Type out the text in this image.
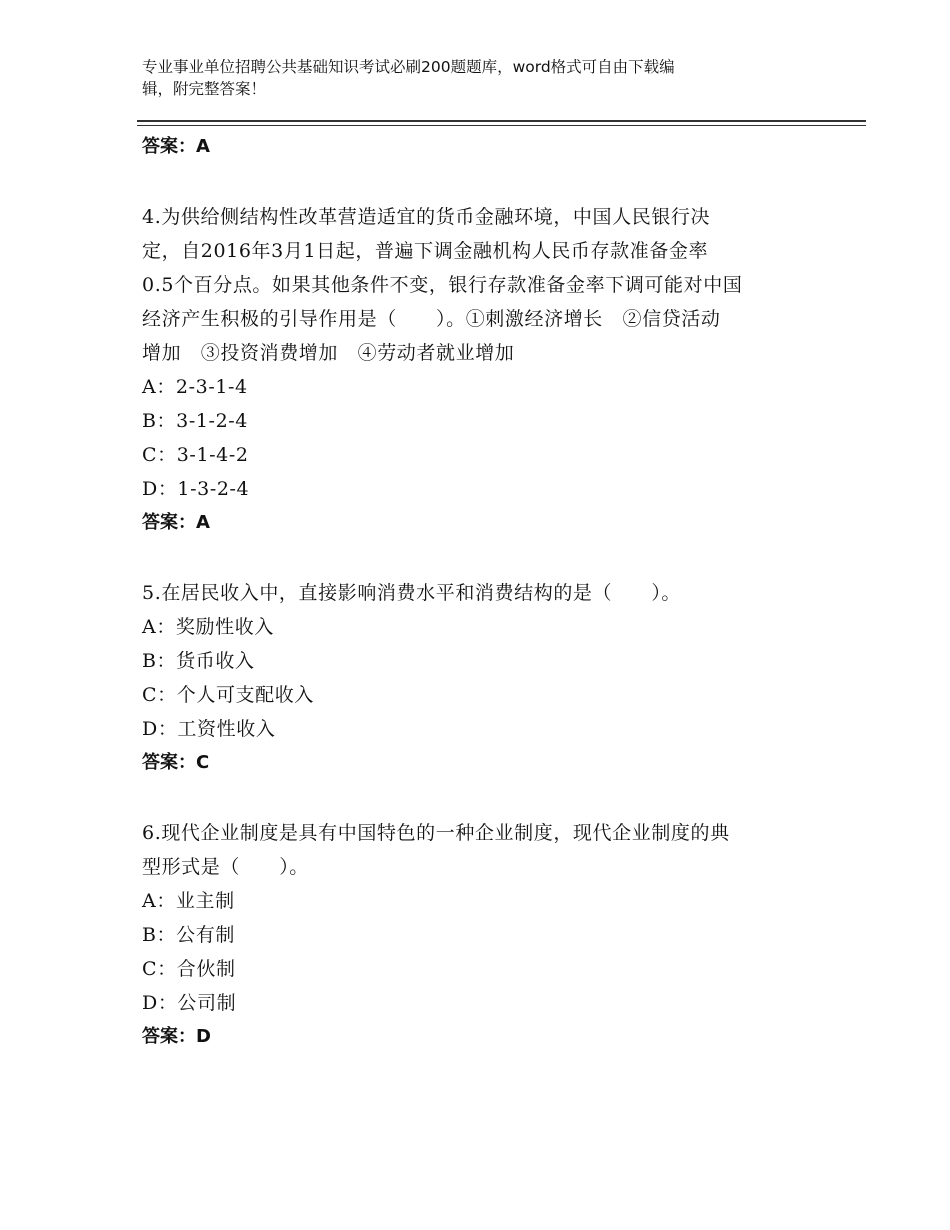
专业事业单位招聘公共基础知识考试必刷200题题库，word格式可自由下载编
辑，附完整答案！
答案：A

4.为供给侧结构性改革营造适宜的货币金融环境，中国人民银行决

定，自2016年3月1日起，普遍下调金融机构人民币存款准备金率

0.5个百分点。如果其他条件不变，银行存款准备金率下调可能对中国

经济产生积极的引导作用是（　　）。①刺激经济增长　②信贷活动

增加　③投资消费增加　④劳动者就业增加

A：2-3-1-4
B：3-1-2-4
C：3-1-4-2
D：1-3-2-4
答案：A

5.在居民收入中，直接影响消费水平和消费结构的是（　　）。

A：奖励性收入
B：货币收入
C：个人可支配收入
D：工资性收入
答案：C

6.现代企业制度是具有中国特色的一种企业制度，现代企业制度的典

型形式是（　　）。

A：业主制
B：公有制
C：合伙制
D：公司制
答案：D
